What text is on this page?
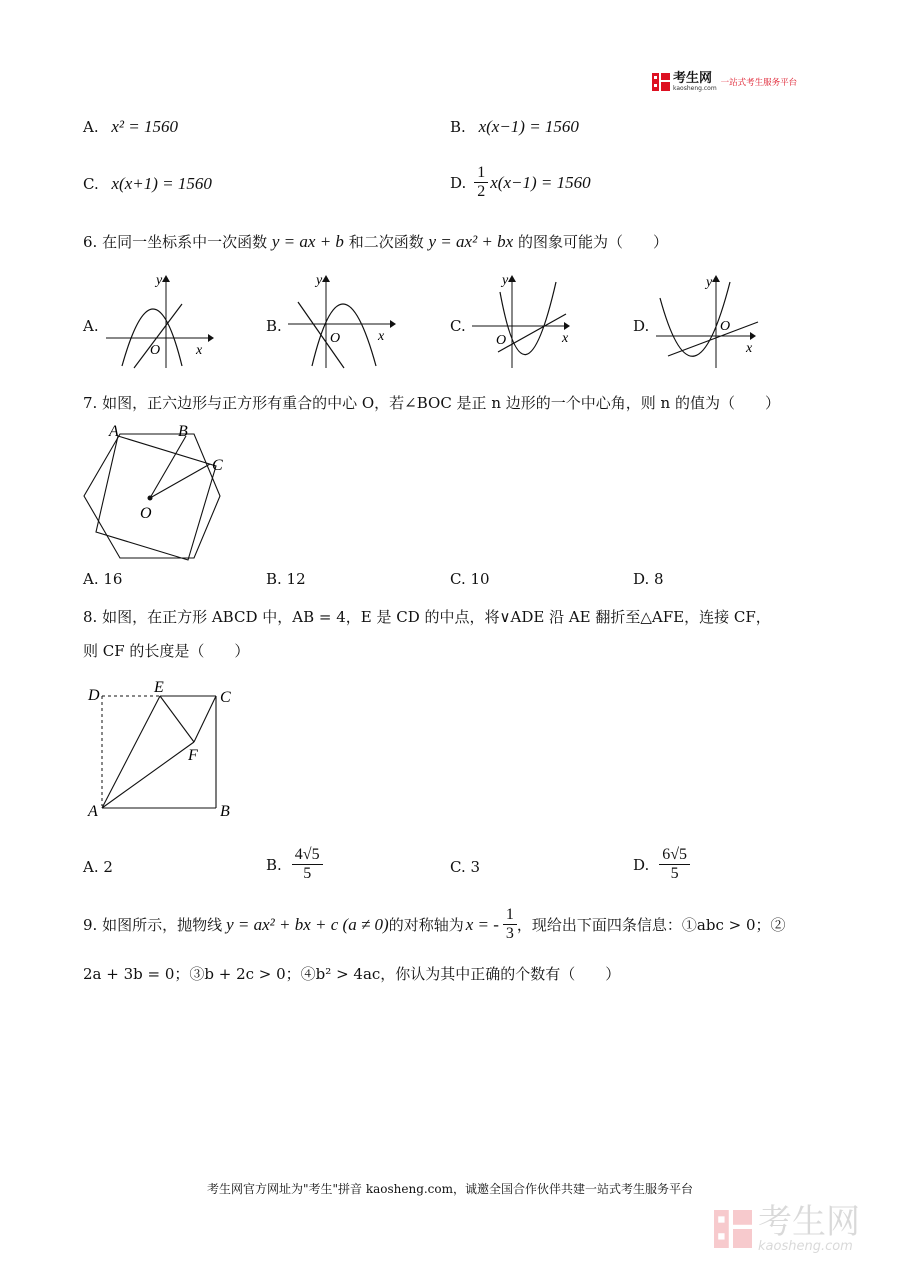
考生网
kaosheng.com
一站式考生服务平台
A. x² = 1560	B. x(x−1) = 1560
C. x(x+1) = 1560	D. $\frac{1}{2} x(x-1) = 1560$
6. 在同一坐标系中一次函数 y = ax + b 和二次函数 y = ax² + bx 的图象可能为（　　）
A.
y
x
O
B.
y
x
O
C.
y
x
O
D.
y
x
O
7. 如图，正六边形与正方形有重合的中心 O，若∠BOC 是正 n 边形的一个中心角，则 n 的值为（　　）
A	B
C
O
A. 16	B. 12	C. 10	D. 8
8. 如图，在正方形 ABCD 中，AB = 4，E 是 CD 的中点，将∨ADE 沿 AE 翻折至△AFE，连接 CF，
则 CF 的长度是（　　）
D	E
C
F
A	B
A. 2	B. $\frac{4√5}{5}$	C. 3	D. $\frac{6√5}{5}$
9. 如图所示，抛物线 y = ax² + bx + c (a ≠ 0) 的对称轴为 x = - $\frac{1}{3}$ ，现给出下面四条信息：①abc > 0；②
2a + 3b = 0；③b + 2c > 0；④b² > 4ac，你认为其中正确的个数有（　　）
考生网官方网址为"考生"拼音 kaosheng.com，诚邀全国合作伙伴共建一站式考生服务平台
考生网
kaosheng.com
